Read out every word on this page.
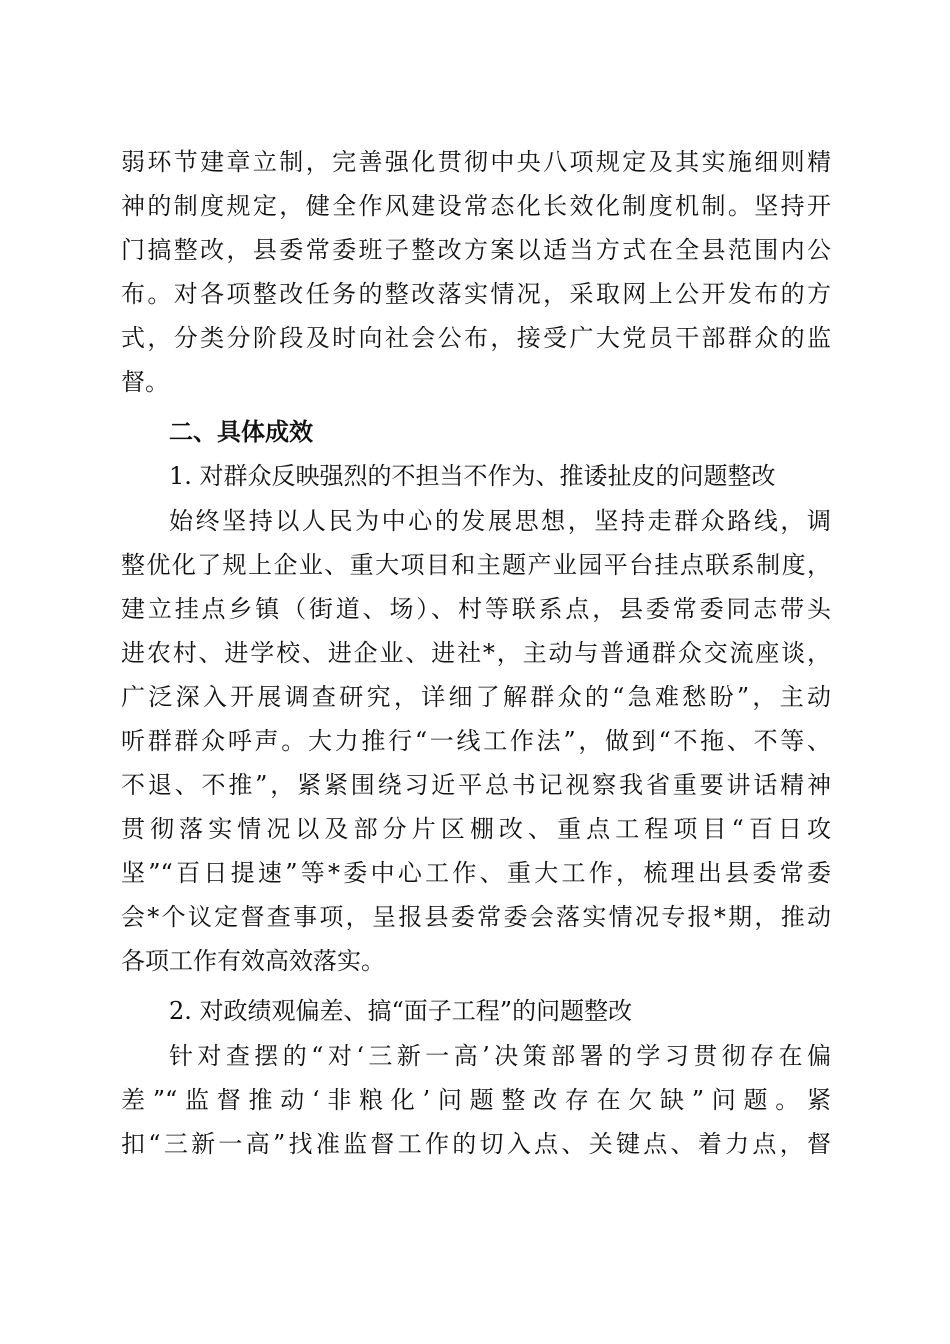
弱环节建章立制，完善强化贯彻中央八项规定及其实施细则精
神的制度规定，健全作风建设常态化长效化制度机制。坚持开
门搞整改，县委常委班子整改方案以适当方式在全县范围内公
布。对各项整改任务的整改落实情况，采取网上公开发布的方
式，分类分阶段及时向社会公布，接受广大党员干部群众的监
督。
二、具体成效
1. 对群众反映强烈的不担当不作为、推诿扯皮的问题整改
始终坚持以人民为中心的发展思想，坚持走群众路线，调
整优化了规上企业、重大项目和主题产业园平台挂点联系制度，
建立挂点乡镇（街道、场）、村等联系点，县委常委同志带头
进农村、进学校、进企业、进社*，主动与普通群众交流座谈，
广泛深入开展调查研究，详细了解群众的“急难愁盼”，主动
听群群众呼声。大力推行“一线工作法”，做到“不拖、不等、
不退、不推”，紧紧围绕习近平总书记视察我省重要讲话精神
贯彻落实情况以及部分片区棚改、重点工程项目“百日攻
坚”“百日提速”等*委中心工作、重大工作，梳理出县委常委
会*个议定督查事项，呈报县委常委会落实情况专报*期，推动
各项工作有效高效落实。
2. 对政绩观偏差、搞“面子工程”的问题整改
针对查摆的“对‘三新一高’决策部署的学习贯彻存在偏
差”“监督推动‘非粮化’问题整改存在欠缺”问题。紧
扣“三新一高”找准监督工作的切入点、关键点、着力点，督
